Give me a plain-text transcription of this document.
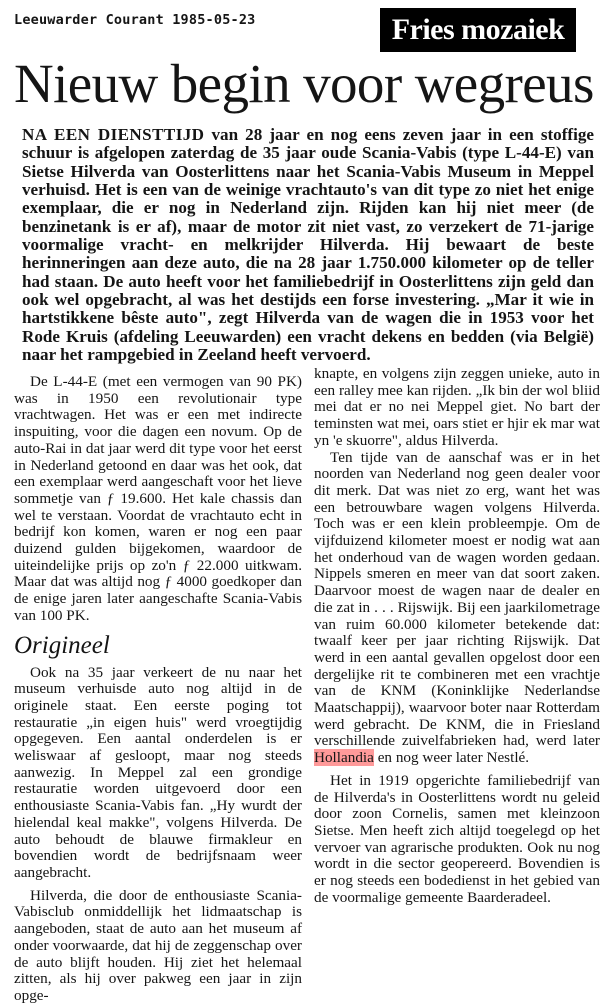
Leeuwarder Courant 1985-05-23	Fries mozaiek
Nieuw begin voor wegreus
NA EEN DIENSTTIJD van 28 jaar en nog eens zeven jaar in een stoffige schuur is afgelopen zaterdag de 35 jaar oude Scania-Vabis (type L-44-E) van Sietse Hilverda van Oosterlittens naar het Scania-Vabis Museum in Meppel verhuisd. Het is een van de weinige vrachtauto's van dit type zo niet het enige exemplaar, die er nog in Nederland zijn. Rijden kan hij niet meer (de benzinetank is er af), maar de motor zit niet vast, zo verzekert de 71-jarige voormalige vracht- en melkrijder Hilverda. Hij bewaart de beste herinneringen aan deze auto, die na 28 jaar 1.750.000 kilometer op de teller had staan. De auto heeft voor het familiebedrijf in Oosterlittens zijn geld dan ook wel opgebracht, al was het destijds een forse investering. „Mar it wie in hartstikkene bêste auto", zegt Hilverda van de wagen die in 1953 voor het Rode Kruis (afdeling Leeuwarden) een vracht dekens en bedden (via België) naar het rampgebied in Zeeland heeft vervoerd.

De L-44-E (met een vermogen van 90 PK) was in 1950 een revolutionair type vrachtwagen. Het was er een met indirecte inspuiting, voor die dagen een novum. Op de auto-Rai in dat jaar werd dit type voor het eerst in Nederland getoond en daar was het ook, dat een exemplaar werd aangeschaft voor het lieve sommetje van ƒ 19.600. Het kale chassis dan wel te verstaan. Voordat de vrachtauto echt in bedrijf kon komen, waren er nog een paar duizend gulden bijgekomen, waardoor de uiteindelijke prijs op zo'n ƒ 22.000 uitkwam. Maar dat was altijd nog ƒ 4000 goedkoper dan de enige jaren later aangeschafte Scania-Vabis van 100 PK.

Origineel

Ook na 35 jaar verkeert de nu naar het museum verhuisde auto nog altijd in de originele staat. Een eerste poging tot restauratie „in eigen huis" werd vroegtijdig opgegeven. Een aantal onderdelen is er weliswaar af gesloopt, maar nog steeds aanwezig. In Meppel zal een grondige restauratie worden uitgevoerd door een enthousiaste Scania-Vabis fan. „Hy wurdt der hielendal keal makke", volgens Hilverda. De auto behoudt de blauwe firmakleur en bovendien wordt de bedrijfsnaam weer aangebracht.

Hilverda, die door de enthousiaste Scania-Vabisclub onmiddellijk het lidmaatschap is aangeboden, staat de auto aan het museum af onder voorwaarde, dat hij de zeggenschap over de auto blijft houden. Hij ziet het helemaal zitten, als hij over pakweg een jaar in zijn opge-

knapte, en volgens zijn zeggen unieke, auto in een ralley mee kan rijden. „Ik bin der wol bliid mei dat er no nei Meppel giet. No bart der teminsten wat mei, oars stiet er hjir ek mar wat yn 'e skuorre", aldus Hilverda.

Ten tijde van de aanschaf was er in het noorden van Nederland nog geen dealer voor dit merk. Dat was niet zo erg, want het was een betrouwbare wagen volgens Hilverda. Toch was er een klein probleempje. Om de vijfduizend kilometer moest er nodig wat aan het onderhoud van de wagen worden gedaan. Nippels smeren en meer van dat soort zaken. Daarvoor moest de wagen naar de dealer en die zat in . . . Rijswijk. Bij een jaarkilometrage van ruim 60.000 kilometer betekende dat: twaalf keer per jaar richting Rijswijk. Dat werd in een aantal gevallen opgelost door een dergelijke rit te combineren met een vrachtje van de KNM (Koninklijke Nederlandse Maatschappij), waarvoor boter naar Rotterdam werd gebracht. De KNM, die in Friesland verschillende zuivelfabrieken had, werd later Hollandia en nog weer later Nestlé.

Het in 1919 opgerichte familiebedrijf van de Hilverda's in Oosterlittens wordt nu geleid door zoon Cornelis, samen met kleinzoon Sietse. Men heeft zich altijd toegelegd op het vervoer van agrarische produkten. Ook nu nog wordt in die sector geopereerd. Bovendien is er nog steeds een bodedienst in het gebied van de voormalige gemeente Baarderadeel.
